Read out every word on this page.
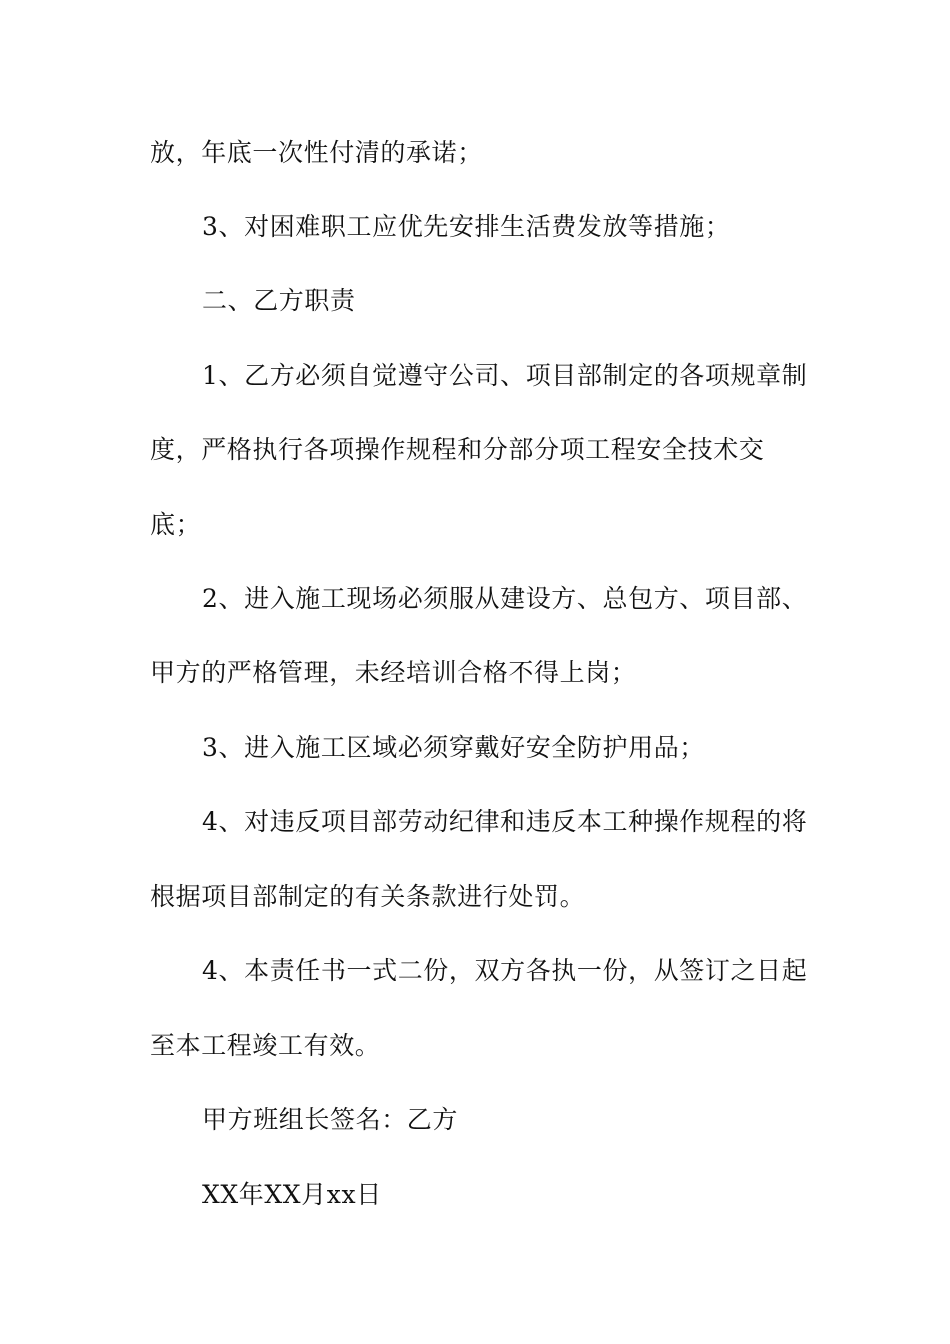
放，年底一次性付清的承诺；
3、对困难职工应优先安排生活费发放等措施；
二、乙方职责
1、乙方必须自觉遵守公司、项目部制定的各项规章制
度，严格执行各项操作规程和分部分项工程安全技术交
底；
2、进入施工现场必须服从建设方、总包方、项目部、
甲方的严格管理，未经培训合格不得上岗；
3、进入施工区域必须穿戴好安全防护用品；
4、对违反项目部劳动纪律和违反本工种操作规程的将
根据项目部制定的有关条款进行处罚。
4、本责任书一式二份，双方各执一份，从签订之日起
至本工程竣工有效。
甲方班组长签名：乙方
XX年XX月xx日
